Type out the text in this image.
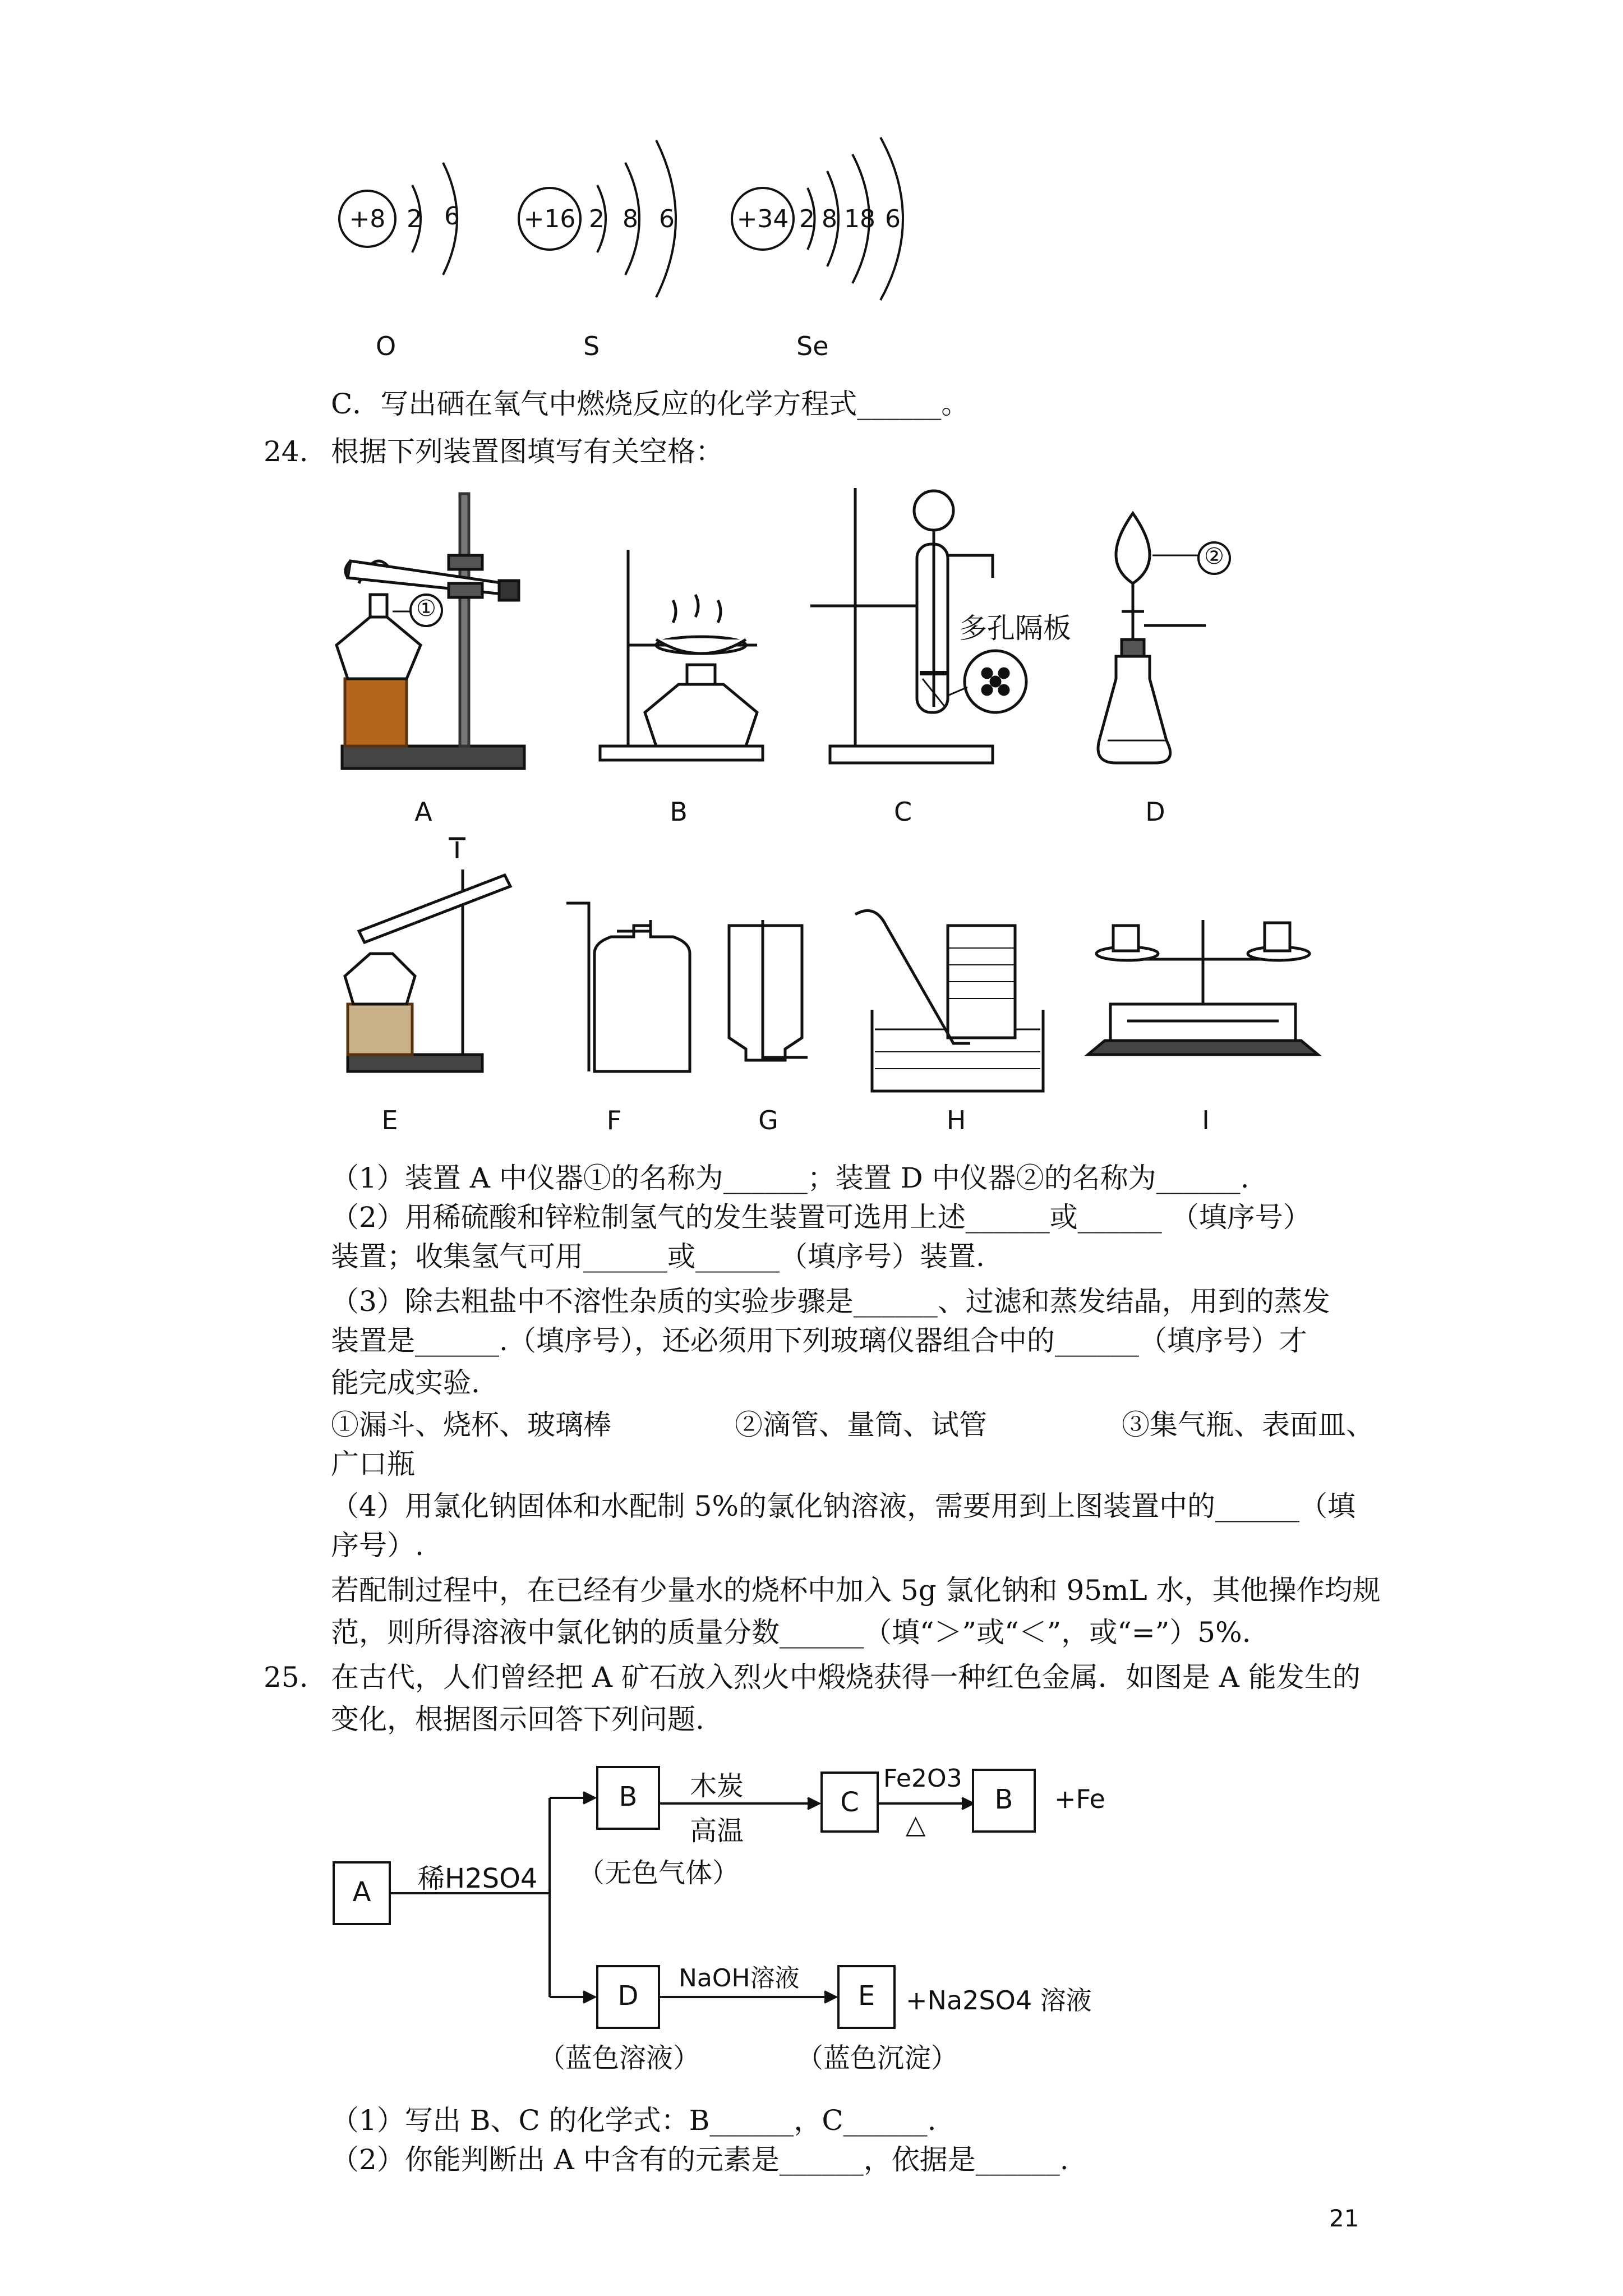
+8 2 6
O
+16 2 8 6
S
+34 2 8 18 6
Se
C．写出硒在氧气中燃烧反应的化学方程式______。
24. 根据下列装置图填写有关空格：
①
②
多孔隔板
A	B	C	D
E	F	G	H	I
（1）装置 A 中仪器①的名称为______；装置 D 中仪器②的名称为______.
（2）用稀硫酸和锌粒制氢气的发生装置可选用上述______或______ （填序号）
装置；收集氢气可用______或______（填序号）装置.
（3）除去粗盐中不溶性杂质的实验步骤是______、过滤和蒸发结晶，用到的蒸发
装置是______.（填序号），还必须用下列玻璃仪器组合中的______（填序号）才
能完成实验.
①漏斗、烧杯、玻璃棒	②滴管、量筒、试管	③集气瓶、表面皿、
广口瓶
（4）用氯化钠固体和水配制 5%的氯化钠溶液，需要用到上图装置中的______（填
序号）.
若配制过程中，在已经有少量水的烧杯中加入 5g 氯化钠和 95mL 水，其他操作均规
范，则所得溶液中氯化钠的质量分数______（填“＞”或“＜”，或“=”）5%.
25. 在古代，人们曾经把 A 矿石放入烈火中煅烧获得一种红色金属．如图是 A 能发生的
变化，根据图示回答下列问题.
A	稀H2SO4
B	木炭
高温
C
Fe2O3
△
B	+Fe
（无色气体）
D
NaOH溶液
E	+Na2SO4 溶液
（蓝色溶液）	（蓝色沉淀）
（1）写出 B、C 的化学式：B______，C______.
（2）你能判断出 A 中含有的元素是______，依据是______.
21
